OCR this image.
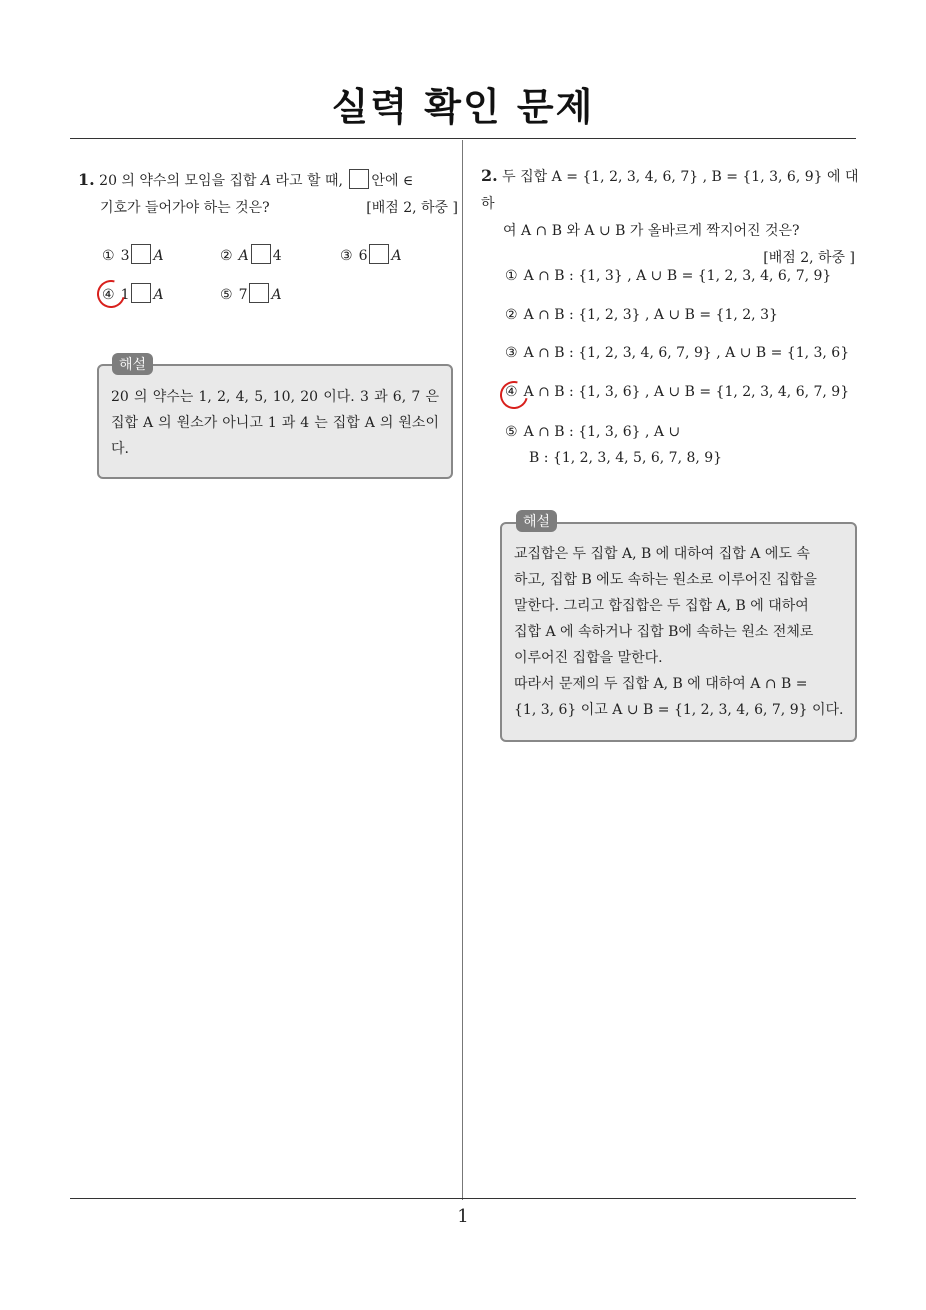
실력 확인 문제
1. 20 의 약수의 모임을 집합 A 라고 할 때, 안에 ∈
기호가 들어가야 하는 것은?	[배점 2, 하중 ]
① 3 A	② A 4	③ 6 A
④ 1 A	⑤ 7 A
20 의 약수는 1, 2, 4, 5, 10, 20 이다. 3 과 6, 7 은 집합 A 의 원소가 아니고 1 과 4 는 집합 A 의 원소이다.
해설
2. 두 집합 A = {1, 2, 3, 4, 6, 7} , B = {1, 3, 6, 9} 에 대하
여 A ∩ B 와 A ∪ B 가 올바르게 짝지어진 것은?
[배점 2, 하중 ]
① A ∩ B : {1, 3} , A ∪ B = {1, 2, 3, 4, 6, 7, 9}
② A ∩ B : {1, 2, 3} , A ∪ B = {1, 2, 3}
③ A ∩ B : {1, 2, 3, 4, 6, 7, 9} , A ∪ B = {1, 3, 6}
④ A ∩ B : {1, 3, 6} , A ∪ B = {1, 2, 3, 4, 6, 7, 9}
⑤ A ∩ B : {1, 3, 6} , A ∪
B : {1, 2, 3, 4, 5, 6, 7, 8, 9}
교집합은 두 집합 A, B 에 대하여 집합 A 에도 속
하고, 집합 B 에도 속하는 원소로 이루어진 집합을
말한다. 그리고 합집합은 두 집합 A, B 에 대하여
집합 A 에 속하거나 집합 B에 속하는 원소 전체로
이루어진 집합을 말한다.
따라서 문제의 두 집합 A, B 에 대하여 A ∩ B =
{1, 3, 6} 이고 A ∪ B = {1, 2, 3, 4, 6, 7, 9} 이다.
해설
1
